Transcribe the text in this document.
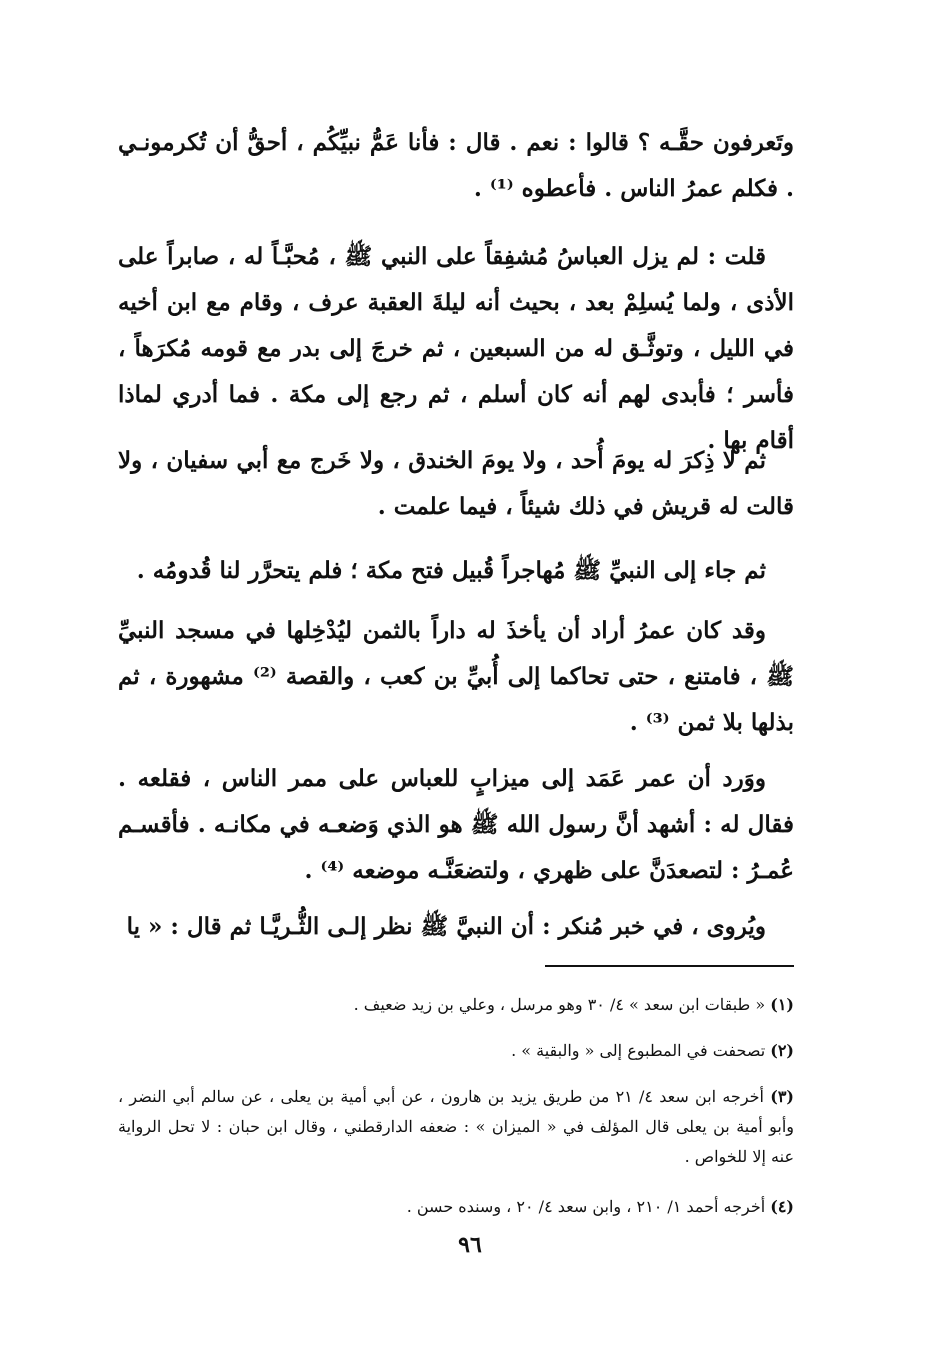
وتَعرفون حقَّـه ؟ قالوا : نعم . قال : فأنا عَمُّ نبيِّكُم ، أحقُّ أن تُكرمونـي . فكلم عمرُ الناس . فأعطوه ⁽¹⁾ .

قلت : لم يزل العباسُ مُشفِقاً على النبي ﷺ ، مُحبَّـاً له ، صابراً على الأذى ، ولما يُسلِمْ بعد ، بحيث أنه ليلةَ العقبة عرف ، وقام مع ابن أخيه في الليل ، وتوثَّـق له من السبعين ، ثم خرجَ إلى بدر مع قومه مُكرَهاً ، فأسر ؛ فأبدى لهم أنه كان أسلم ، ثم رجع إلى مكة . فما أدري لماذا أقام بها .

ثم لا ذِكرَ له يومَ أُحد ، ولا يومَ الخندق ، ولا خَرج مع أبي سفيان ، ولا قالت له قريش في ذلك شيئاً ، فيما علمت .

ثم جاء إلى النبيِّ ﷺ مُهاجراً قُبيل فتح مكة ؛ فلم يتحرَّر لنا قُدومُه .

وقد كان عمرُ أراد أن يأخذَ له داراً بالثمن ليُدْخِلها في مسجد النبيِّ ﷺ ، فامتنع ، حتى تحاكما إلى أُبيِّ بن كعب ، والقصة ⁽²⁾ مشهورة ، ثم بذلها بلا ثمن ⁽³⁾ .

ووَرد أن عمر عَمَد إلى ميزابٍ للعباس على ممر الناس ، فقلعه . فقال له : أشهد أنَّ رسول الله ﷺ هو الذي وَضعـه في مكانـه . فأقسـم عُمـرُ : لتصعدَنَّ على ظهري ، ولتضعَنَّـه موضعه ⁽⁴⁾ .

ويُروى ، في خبر مُنكر : أن النبيَّ ﷺ نظر إلـى الثُّـريَّـا ثم قال : « يا

(١) « طبقات ابن سعد » ٤/ ٣٠ وهو مرسل ، وعلي بن زيد ضعيف .

(٢) تصحفت في المطبوع إلى « والبقية » .

(٣) أخرجه ابن سعد ٤/ ٢١ من طريق يزيد بن هارون ، عن أبي أمية بن يعلى ، عن سالم أبي النضر ، وأبو أمية بن يعلى قال المؤلف في « الميزان » : ضعفه الدارقطني ، وقال ابن حبان : لا تحل الرواية عنه إلا للخواص .

(٤) أخرجه أحمد ١/ ٢١٠ ، وابن سعد ٤/ ٢٠ ، وسنده حسن .

٩٦
